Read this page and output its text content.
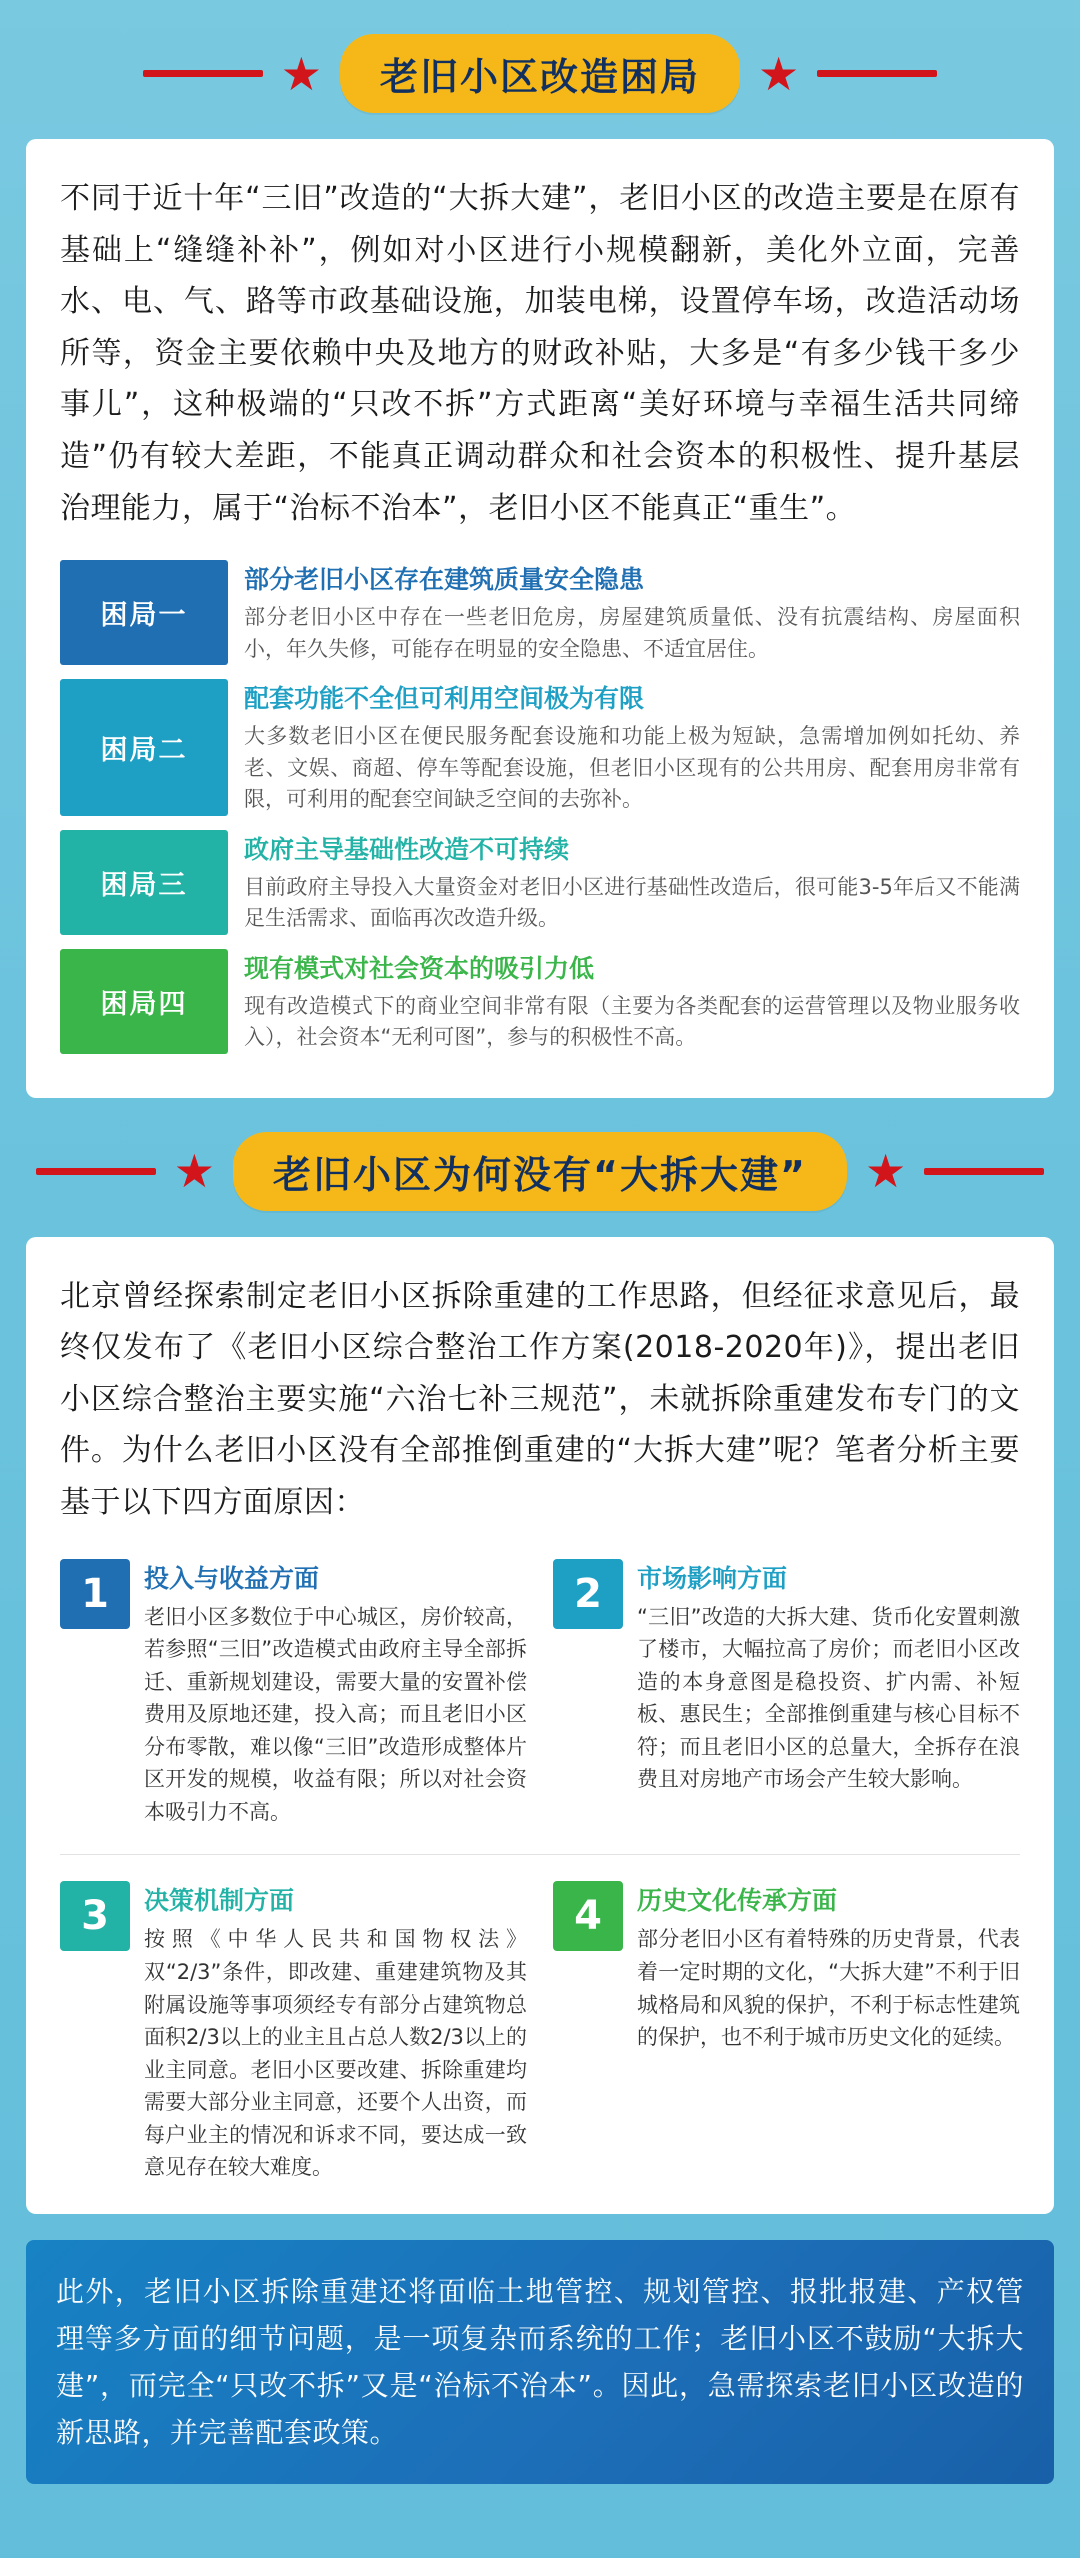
★ 老旧小区改造困局 ★
不同于近十年“三旧”改造的“大拆大建”，老旧小区的改造主要是在原有基础上“缝缝补补”，例如对小区进行小规模翻新，美化外立面，完善水、电、气、路等市政基础设施，加装电梯，设置停车场，改造活动场所等，资金主要依赖中央及地方的财政补贴，大多是“有多少钱干多少事儿”，这种极端的“只改不拆”方式距离“美好环境与幸福生活共同缔造”仍有较大差距，不能真正调动群众和社会资本的积极性、提升基层治理能力，属于“治标不治本”，老旧小区不能真正“重生”。
困局一
部分老旧小区存在建筑质量安全隐患
部分老旧小区中存在一些老旧危房，房屋建筑质量低、没有抗震结构、房屋面积小，年久失修，可能存在明显的安全隐患、不适宜居住。
困局二
配套功能不全但可利用空间极为有限
大多数老旧小区在便民服务配套设施和功能上极为短缺，急需增加例如托幼、养老、文娱、商超、停车等配套设施，但老旧小区现有的公共用房、配套用房非常有限，可利用的配套空间缺乏空间的去弥补。
困局三
政府主导基础性改造不可持续
目前政府主导投入大量资金对老旧小区进行基础性改造后，很可能3-5年后又不能满足生活需求、面临再次改造升级。
困局四
现有模式对社会资本的吸引力低
现有改造模式下的商业空间非常有限（主要为各类配套的运营管理以及物业服务收入），社会资本“无利可图”，参与的积极性不高。
★ 老旧小区为何没有“大拆大建” ★
北京曾经探索制定老旧小区拆除重建的工作思路，但经征求意见后，最终仅发布了《老旧小区综合整治工作方案(2018-2020年)》，提出老旧小区综合整治主要实施“六治七补三规范”，未就拆除重建发布专门的文件。为什么老旧小区没有全部推倒重建的“大拆大建”呢？笔者分析主要基于以下四方面原因：
1	投入与收益方面
老旧小区多数位于中心城区，房价较高，若参照“三旧”改造模式由政府主导全部拆迁、重新规划建设，需要大量的安置补偿费用及原地还建，投入高；而且老旧小区分布零散，难以像“三旧”改造形成整体片区开发的规模，收益有限；所以对社会资本吸引力不高。
2	市场影响方面
“三旧”改造的大拆大建、货币化安置刺激了楼市，大幅拉高了房价；而老旧小区改造的本身意图是稳投资、扩内需、补短板、惠民生；全部推倒重建与核心目标不符；而且老旧小区的总量大，全拆存在浪费且对房地产市场会产生较大影响。
3	决策机制方面
按照《中华人民共和国物权法》双“2/3”条件，即改建、重建建筑物及其附属设施等事项须经专有部分占建筑物总面积2/3以上的业主且占总人数2/3以上的业主同意。老旧小区要改建、拆除重建均需要大部分业主同意，还要个人出资，而每户业主的情况和诉求不同，要达成一致意见存在较大难度。
4	历史文化传承方面
部分老旧小区有着特殊的历史背景，代表着一定时期的文化，“大拆大建”不利于旧城格局和风貌的保护，不利于标志性建筑的保护，也不利于城市历史文化的延续。
此外，老旧小区拆除重建还将面临土地管控、规划管控、报批报建、产权管理等多方面的细节问题，是一项复杂而系统的工作；老旧小区不鼓励“大拆大建”，而完全“只改不拆”又是“治标不治本”。因此，急需探索老旧小区改造的新思路，并完善配套政策。
